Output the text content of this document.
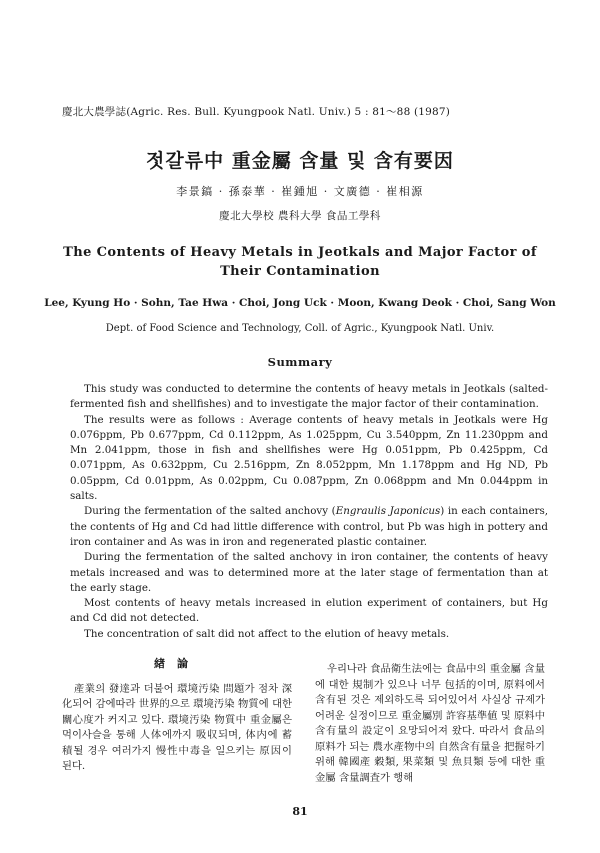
慶北大農學誌(Agric. Res. Bull. Kyungpook Natl. Univ.) 5 : 81～88 (1987)
젓갈류中 重金屬 含量 및 含有要因
李景鎬 · 孫泰華 · 崔鍾旭 · 文廣德 · 崔相源
慶北大學校 農科大學 食品工學科
The Contents of Heavy Metals in Jeotkals and Major Factor of
Their Contamination
Lee, Kyung Ho · Sohn, Tae Hwa · Choi, Jong Uck · Moon, Kwang Deok · Choi, Sang Won
Dept. of Food Science and Technology, Coll. of Agric., Kyungpook Natl. Univ.
Summary

This study was conducted to determine the contents of heavy metals in Jeotkals (salted-fermented fish and shellfishes) and to investigate the major factor of their contamination.

The results were as follows : Average contents of heavy metals in Jeotkals were Hg 0.076ppm, Pb 0.677ppm, Cd 0.112ppm, As 1.025ppm, Cu 3.540ppm, Zn 11.230ppm and Mn 2.041ppm, those in fish and shellfishes were Hg 0.051ppm, Pb 0.425ppm, Cd 0.071ppm, As 0.632ppm, Cu 2.516ppm, Zn 8.052ppm, Mn 1.178ppm and Hg ND, Pb 0.05ppm, Cd 0.01ppm, As 0.02ppm, Cu 0.087ppm, Zn 0.068ppm and Mn 0.044ppm in salts.

During the fermentation of the salted anchovy (Engraulis Japonicus) in each containers, the contents of Hg and Cd had little difference with control, but Pb was high in pottery and iron container and As was in iron and regenerated plastic container.

During the fermentation of the salted anchovy in iron container, the contents of heavy metals increased and was to determined more at the later stage of fermentation than at the early stage.

Most contents of heavy metals increased in elution experiment of containers, but Hg and Cd did not detected.

The concentration of salt did not affect to the elution of heavy metals.

緖論

產業의 發達과 더불어 環境汚染 問題가 점차 深化되어 감에따라 世界的으로 環境汚染 物質에 대한 關心度가 커지고 있다. 環境汚染 物質中 重金屬은 먹이사슬을 통해 人体에까지 吸収되며, 体内에 蓄積될 경우 여러가지 慢性中毒을 일으키는 原因이 된다.

우리나라 食品衛生法에는 食品中의 重金屬 含量에 대한 規制가 있으나 너무 包括的이며, 原料에서 含有된 것은 제외하도록 되어있어서 사실상 규제가 어려운 실정이므로 重金屬別 許容基準値 및 原料中 含有量의 設定이 요망되어져 왔다. 따라서 食品의 原料가 되는 農水產物中의 自然含有量을 把握하기 위해 韓國產 穀類, 果菜類 및 魚貝類 등에 대한 重金屬 含量調査가 행해

81
